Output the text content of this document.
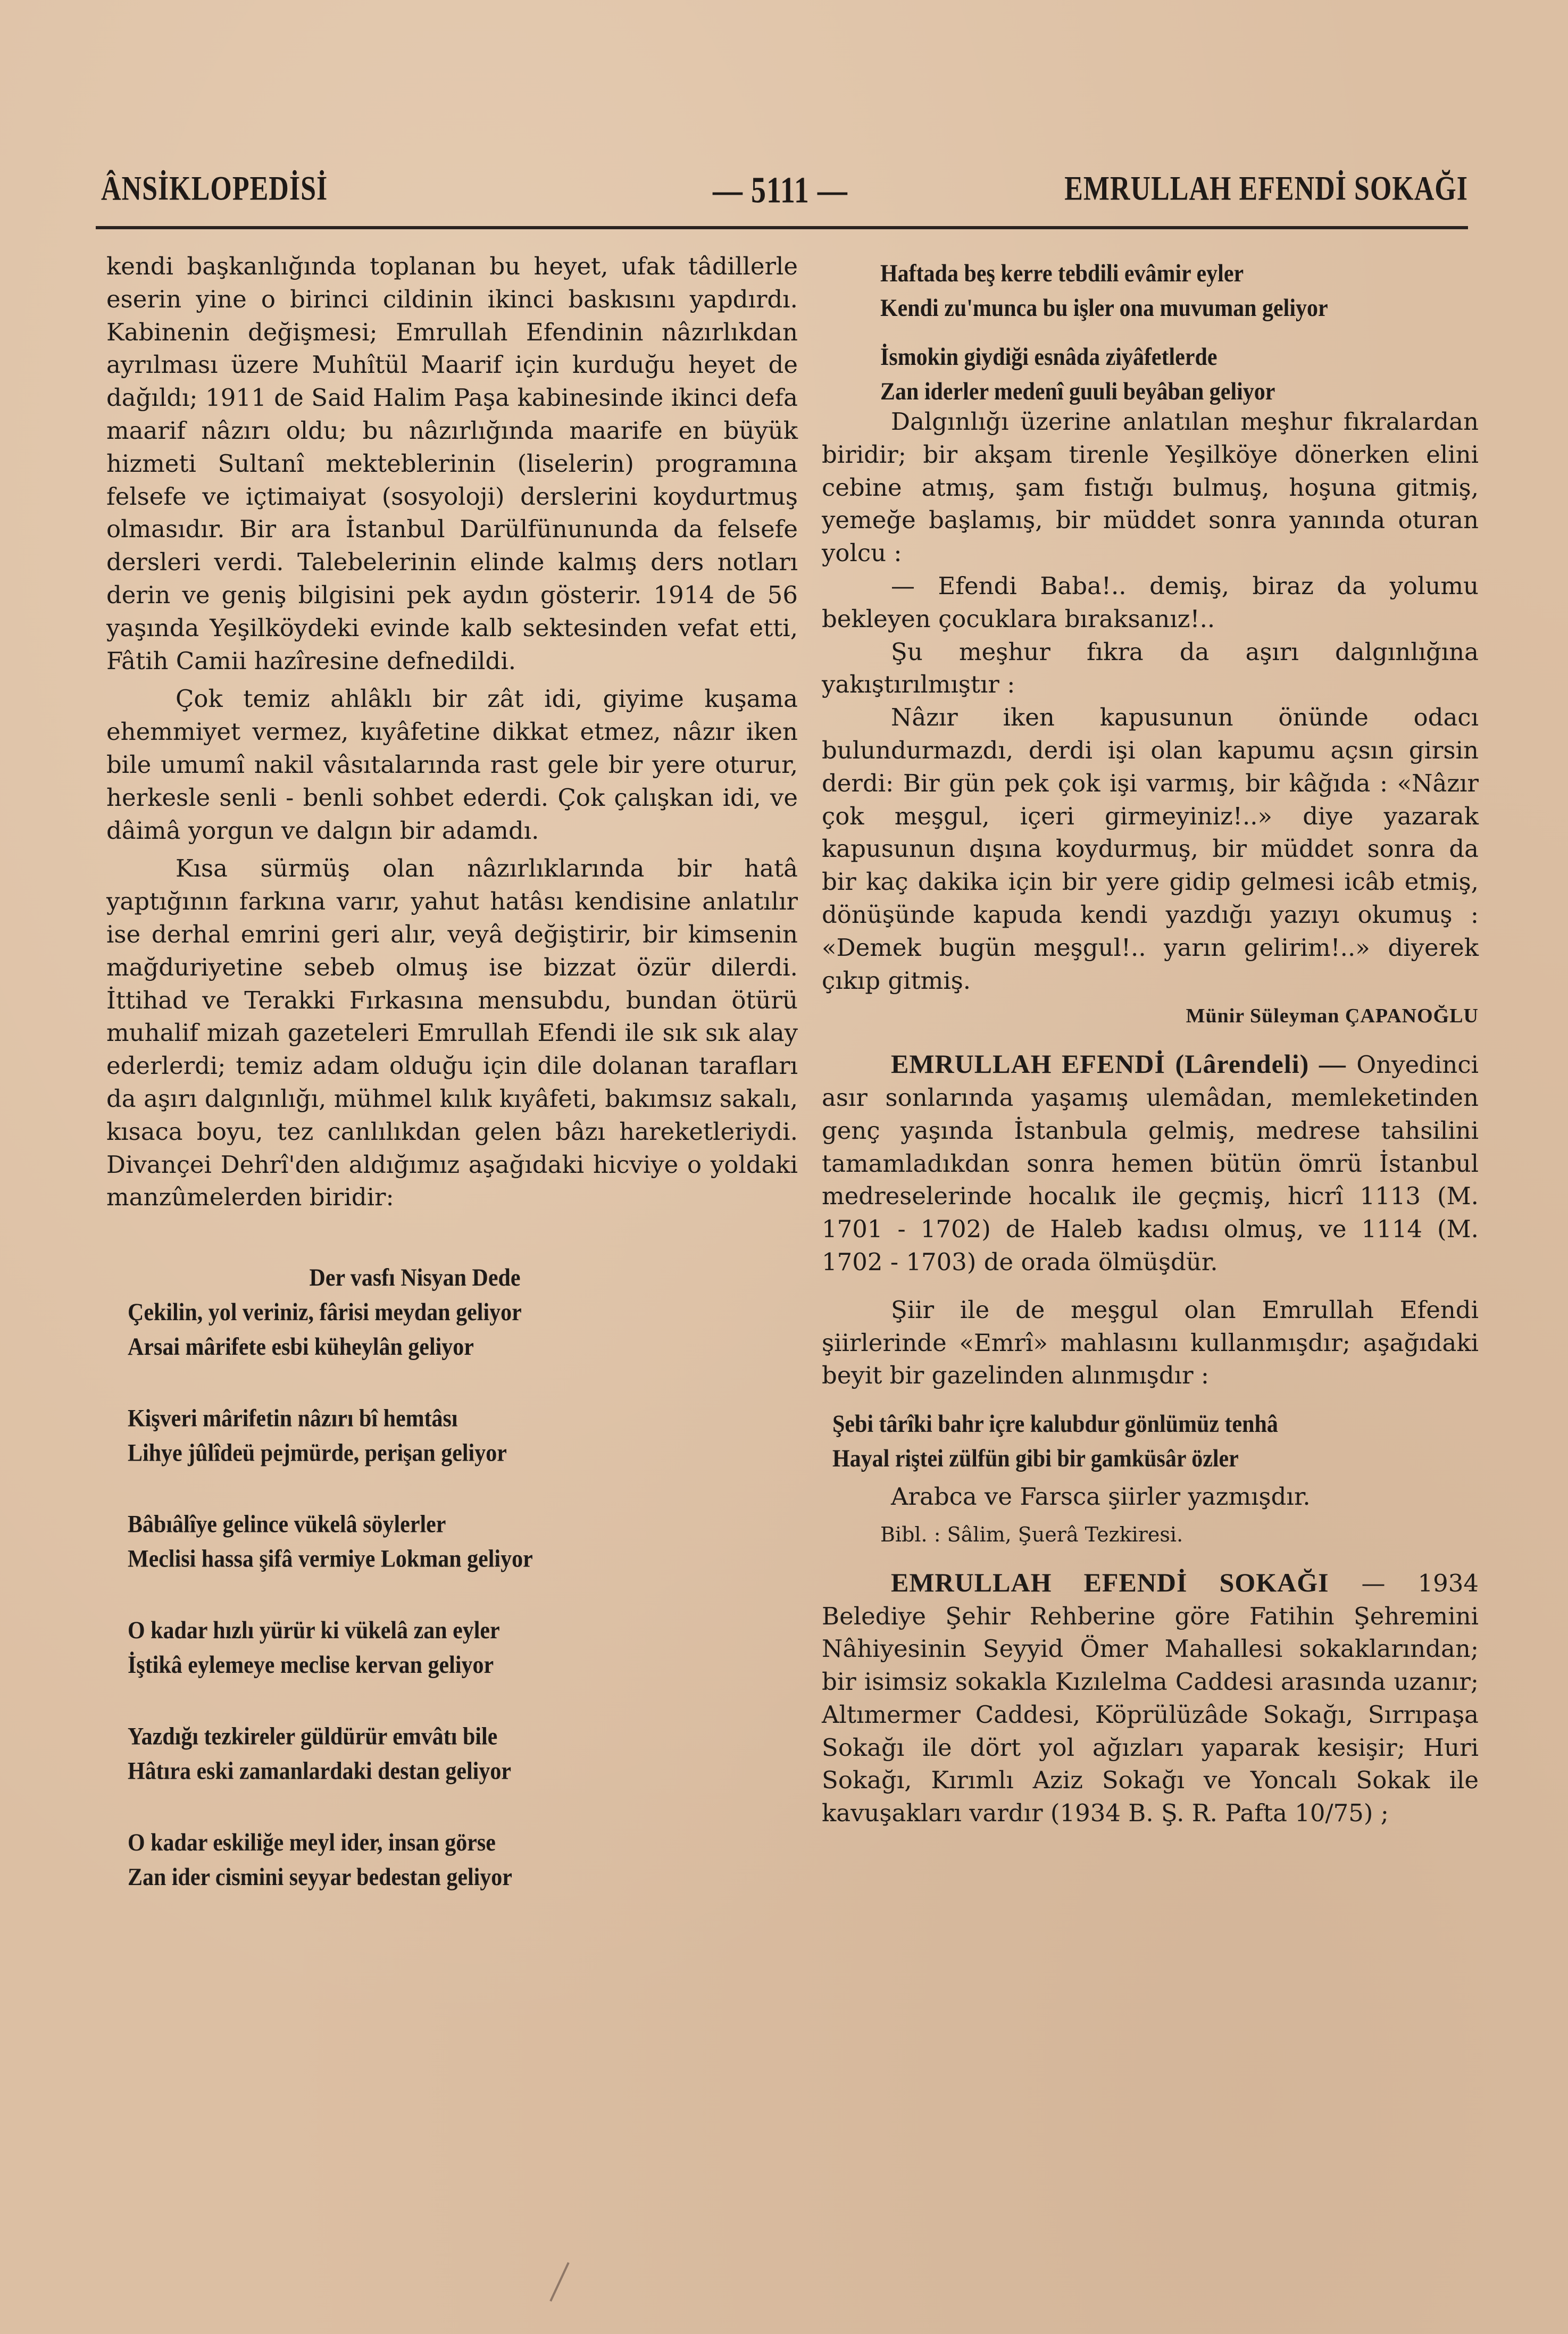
ÂNSİKLOPEDİSİ	— 5111 —	EMRULLAH EFENDİ SOKAĞI

kendi başkanlığında toplanan bu heyet, ufak tâdillerle eserin yine o birinci cildinin ikinci baskısını yapdırdı. Kabinenin değişmesi; Emrullah Efendinin nâzırlıkdan ayrılması üzere Muhîtül Maarif için kurduğu heyet de dağıldı; 1911 de Said Halim Paşa kabinesinde ikinci defa maarif nâzırı oldu; bu nâzırlığında maarife en büyük hizmeti Sultanî mekteblerinin (liselerin) programına felsefe ve içtimaiyat (sosyoloji) derslerini koydurtmuş olmasıdır. Bir ara İstanbul Darülfünununda da felsefe dersleri verdi. Talebelerinin elinde kalmış ders notları derin ve geniş bilgisini pek aydın gösterir. 1914 de 56 yaşında Yeşilköydeki evinde kalb sektesinden vefat etti, Fâtih Camii hazîresine defnedildi.

Çok temiz ahlâklı bir zât idi, giyime kuşama ehemmiyet vermez, kıyâfetine dikkat etmez, nâzır iken bile umumî nakil vâsıtalarında rast gele bir yere oturur, herkesle senli - benli sohbet ederdi. Çok çalışkan idi, ve dâimâ yorgun ve dalgın bir adamdı.

Kısa sürmüş olan nâzırlıklarında bir hatâ yaptığının farkına varır, yahut hatâsı kendisine anlatılır ise derhal emrini geri alır, veyâ değiştirir, bir kimsenin mağduriyetine sebeb olmuş ise bizzat özür dilerdi. İttihad ve Terakki Fırkasına mensubdu, bundan ötürü muhalif mizah gazeteleri Emrullah Efendi ile sık sık alay ederlerdi; temiz adam olduğu için dile dolanan tarafları da aşırı dalgınlığı, mühmel kılık kıyâfeti, bakımsız sakalı, kısaca boyu, tez canlılıkdan gelen bâzı hareketleriydi. Divançei Dehrî'den aldığımız aşağıdaki hicviye o yoldaki manzûmelerden biridir:

Der vasfı Nisyan Dede
Çekilin, yol veriniz, fârisi meydan geliyor
Arsai mârifete esbi küheylân geliyor
Kişveri mârifetin nâzırı bî hemtâsı
Lihye jûlîdeü pejmürde, perişan geliyor
Bâbıâlîye gelince vükelâ söylerler
Meclisi hassa şifâ vermiye Lokman geliyor
O kadar hızlı yürür ki vükelâ zan eyler
İştikâ eylemeye meclise kervan geliyor
Yazdığı tezkireler güldürür emvâtı bile
Hâtıra eski zamanlardaki destan geliyor
O kadar eskiliğe meyl ider, insan görse
Zan ider cismini seyyar bedestan geliyor
Haftada beş kerre tebdili evâmir eyler
Kendi zu'munca bu işler ona muvuman geliyor
İsmokin giydiği esnâda ziyâfetlerde
Zan iderler medenî guuli beyâban geliyor

Dalgınlığı üzerine anlatılan meşhur fıkralardan biridir; bir akşam tirenle Yeşilköye dönerken elini cebine atmış, şam fıstığı bulmuş, hoşuna gitmiş, yemeğe başlamış, bir müddet sonra yanında oturan yolcu :

— Efendi Baba!.. demiş, biraz da yolumu bekleyen çocuklara bıraksanız!..

Şu meşhur fıkra da aşırı dalgınlığına yakıştırılmıştır :

Nâzır iken kapusunun önünde odacı bulundurmazdı, derdi işi olan kapumu açsın girsin derdi: Bir gün pek çok işi varmış, bir kâğıda : «Nâzır çok meşgul, içeri girmeyiniz!..» diye yazarak kapusunun dışına koydurmuş, bir müddet sonra da bir kaç dakika için bir yere gidip gelmesi icâb etmiş, dönüşünde kapuda kendi yazdığı yazıyı okumuş : «Demek bugün meşgul!.. yarın gelirim!..» diyerek çıkıp gitmiş.

Münir Süleyman ÇAPANOĞLU

EMRULLAH EFENDİ (Lârendeli) — Onyedinci asır sonlarında yaşamış ulemâdan, memleketinden genç yaşında İstanbula gelmiş, medrese tahsilini tamamladıkdan sonra hemen bütün ömrü İstanbul medreselerinde hocalık ile geçmiş, hicrî 1113 (M. 1701 - 1702) de Haleb kadısı olmuş, ve 1114 (M. 1702 - 1703) de orada ölmüşdür.

Şiir ile de meşgul olan Emrullah Efendi şiirlerinde «Emrî» mahlasını kullanmışdır; aşağıdaki beyit bir gazelinden alınmışdır :

Şebi târîki bahr içre kalubdur gönlümüz tenhâ
Hayal riştei zülfün gibi bir gamküsâr özler

Arabca ve Farsca şiirler yazmışdır.

Bibl. : Sâlim, Şuerâ Tezkiresi.

EMRULLAH EFENDİ SOKAĞI — 1934 Belediye Şehir Rehberine göre Fatihin Şehremini Nâhiyesinin Seyyid Ömer Mahallesi sokaklarından; bir isimsiz sokakla Kızılelma Caddesi arasında uzanır; Altımermer Caddesi, Köprülüzâde Sokağı, Sırrıpaşa Sokağı ile dört yol ağızları yaparak kesişir; Huri Sokağı, Kırımlı Aziz Sokağı ve Yoncalı Sokak ile kavuşakları vardır (1934 B. Ş. R. Pafta 10/75) ;
